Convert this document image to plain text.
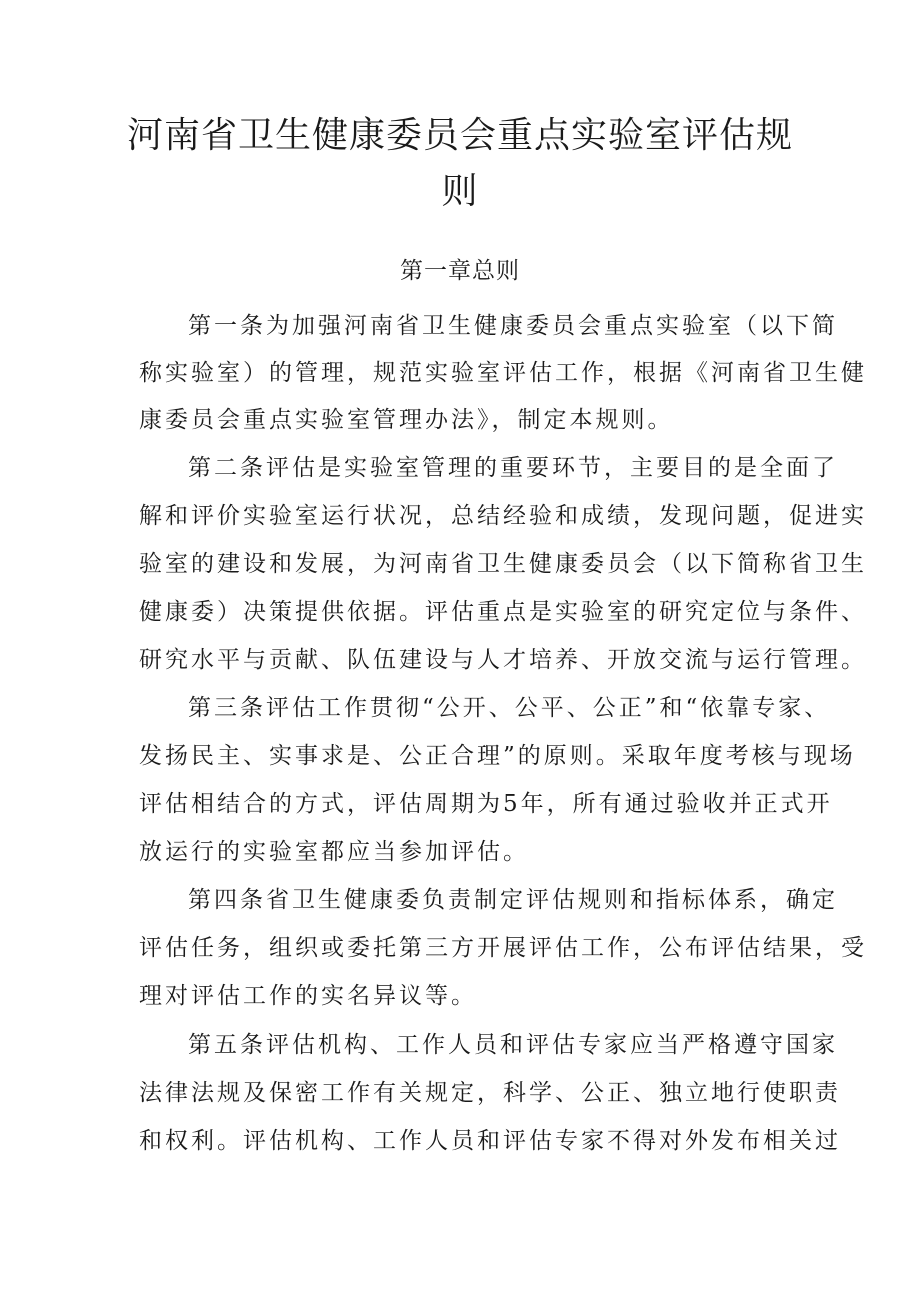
河南省卫生健康委员会重点实验室评估规
则

第一章总则

第一条为加强河南省卫生健康委员会重点实验室（以下简

称实验室）的管理，规范实验室评估工作，根据《河南省卫生健

康委员会重点实验室管理办法》，制定本规则。

第二条评估是实验室管理的重要环节，主要目的是全面了

解和评价实验室运行状况，总结经验和成绩，发现问题，促进实

验室的建设和发展，为河南省卫生健康委员会（以下简称省卫生

健康委）决策提供依据。评估重点是实验室的研究定位与条件、

研究水平与贡献、队伍建设与人才培养、开放交流与运行管理。

第三条评估工作贯彻“公开、公平、公正”和“依靠专家、

发扬民主、实事求是、公正合理”的原则。采取年度考核与现场

评估相结合的方式，评估周期为5年，所有通过验收并正式开

放运行的实验室都应当参加评估。

第四条省卫生健康委负责制定评估规则和指标体系，确定

评估任务，组织或委托第三方开展评估工作，公布评估结果，受

理对评估工作的实名异议等。

第五条评估机构、工作人员和评估专家应当严格遵守国家

法律法规及保密工作有关规定，科学、公正、独立地行使职责

和权利。评估机构、工作人员和评估专家不得对外发布相关过
